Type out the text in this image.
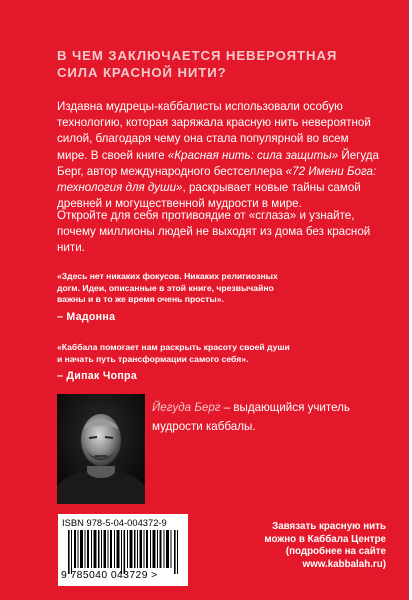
В ЧЕМ ЗАКЛЮЧАЕТСЯ НЕВЕРОЯТНАЯ
СИЛА КРАСНОЙ НИТИ?
Издавна мудрецы-каббалисты использовали особую
технологию, которая заряжала красную нить невероятной
силой, благодаря чему она стала популярной во всем
мире. В своей книге «Красная нить: сила защиты» Йегуда
Берг, автор международного бестселлера «72 Имени Бога:
технология для души», раскрывает новые тайны самой
древней и могущественной мудрости в мире.
Откройте для себя противоядие от «сглаза» и узнайте,
почему миллионы людей не выходят из дома без красной
нити.
«Здесь нет никаких фокусов. Никаких религиозных
догм. Идеи, описанные в этой книге, чрезвычайно
важны и в то же время очень просты».
– Мадонна
«Каббала помогает нам раскрыть красоту своей души
и начать путь трансформации самого себя».
– Дипак Чопра
Йегуда Берг – выдающийся учитель
мудрости каббалы.
ISBN 978-5-04-004372-9
9 785040 043729 >
Завязать красную нить
можно в Каббала Центре
(подробнее на сайте
www.kabbalah.ru)
